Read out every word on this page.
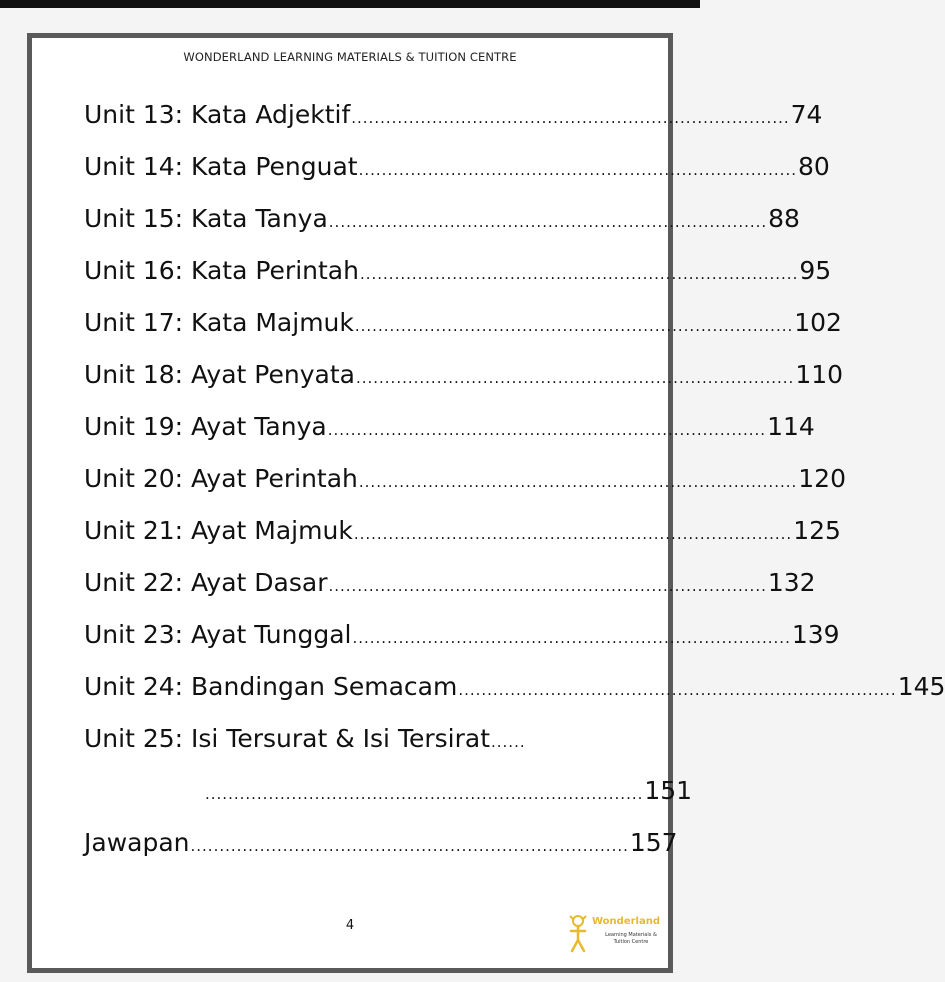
WONDERLAND LEARNING MATERIALS & TUITION CENTRE
Unit 13: Kata Adjektif ............................................................................ 74
Unit 14: Kata Penguat ............................................................................ 80
Unit 15: Kata Tanya ............................................................................ 88
Unit 16: Kata Perintah ............................................................................ 95
Unit 17: Kata Majmuk ............................................................................ 102
Unit 18: Ayat Penyata ............................................................................ 110
Unit 19: Ayat Tanya ............................................................................ 114
Unit 20: Ayat Perintah ............................................................................ 120
Unit 21: Ayat Majmuk ............................................................................ 125
Unit 22: Ayat Dasar ............................................................................ 132
Unit 23: Ayat Tunggal ............................................................................ 139
Unit 24: Bandingan Semacam ............................................................................ 145
Unit 25: Isi Tersurat & Isi Tersirat ......
............................................................................ 151
Jawapan ............................................................................ 157
4	Wonderland
Learning Materials & Tuition Centre
